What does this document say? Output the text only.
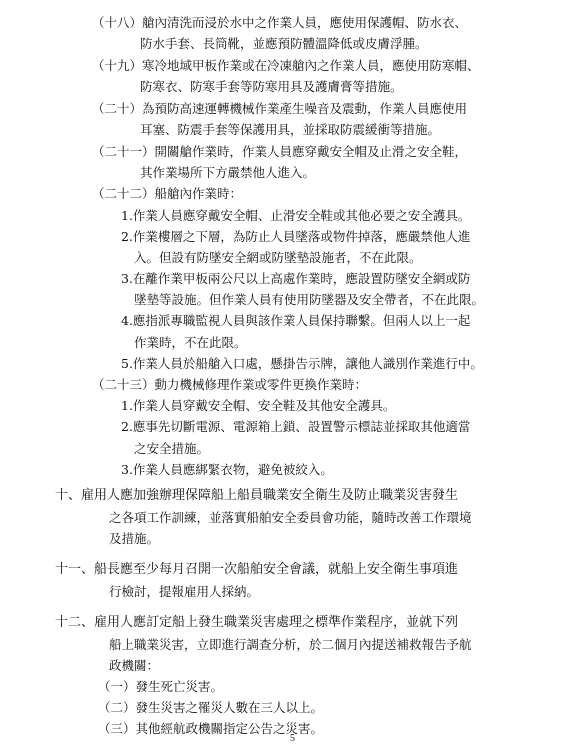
（十八）艙內清洗而浸於水中之作業人員，應使用保護帽、防水衣、
防水手套、長筒靴，並應預防體溫降低或皮膚浮腫。
（十九）寒冷地域甲板作業或在冷凍艙內之作業人員，應使用防寒帽、
防寒衣、防寒手套等防寒用具及護膚膏等措施。
（二十）為預防高速運轉機械作業產生噪音及震動，作業人員應使用
耳塞、防震手套等保護用具，並採取防震緩衝等措施。
（二十一）開關艙作業時，作業人員應穿戴安全帽及止滑之安全鞋，
其作業場所下方嚴禁他人進入。
（二十二）船艙內作業時：
1.作業人員應穿戴安全帽、止滑安全鞋或其他必要之安全護具。
2.作業樓層之下層，為防止人員墜落或物件掉落，應嚴禁他人進
入。但設有防墜安全網或防墜墊設施者，不在此限。
3.在離作業甲板兩公尺以上高處作業時，應設置防墜安全網或防
墜墊等設施。但作業人員有使用防墜器及安全帶者，不在此限。
4.應指派專職監視人員與該作業人員保持聯繫。但兩人以上一起
作業時，不在此限。
5.作業人員於船艙入口處，懸掛告示牌，讓他人識別作業進行中。
（二十三）動力機械修理作業或零件更換作業時：
1.作業人員穿戴安全帽、安全鞋及其他安全護具。
2.應事先切斷電源、電源箱上鎖、設置警示標誌並採取其他適當
之安全措施。
3.作業人員應綁緊衣物，避免被絞入。
十、雇用人應加強辦理保障船上船員職業安全衛生及防止職業災害發生
之各項工作訓練，並落實船舶安全委員會功能，隨時改善工作環境
及措施。
十一、船長應至少每月召開一次船舶安全會議，就船上安全衛生事項進
行檢討，提報雇用人採納。
十二、雇用人應訂定船上發生職業災害處理之標準作業程序，並就下列
船上職業災害，立即進行調查分析，於二個月內提送補救報告予航
政機關：
（一）發生死亡災害。
（二）發生災害之罹災人數在三人以上。
（三）其他經航政機關指定公告之災害。
5
